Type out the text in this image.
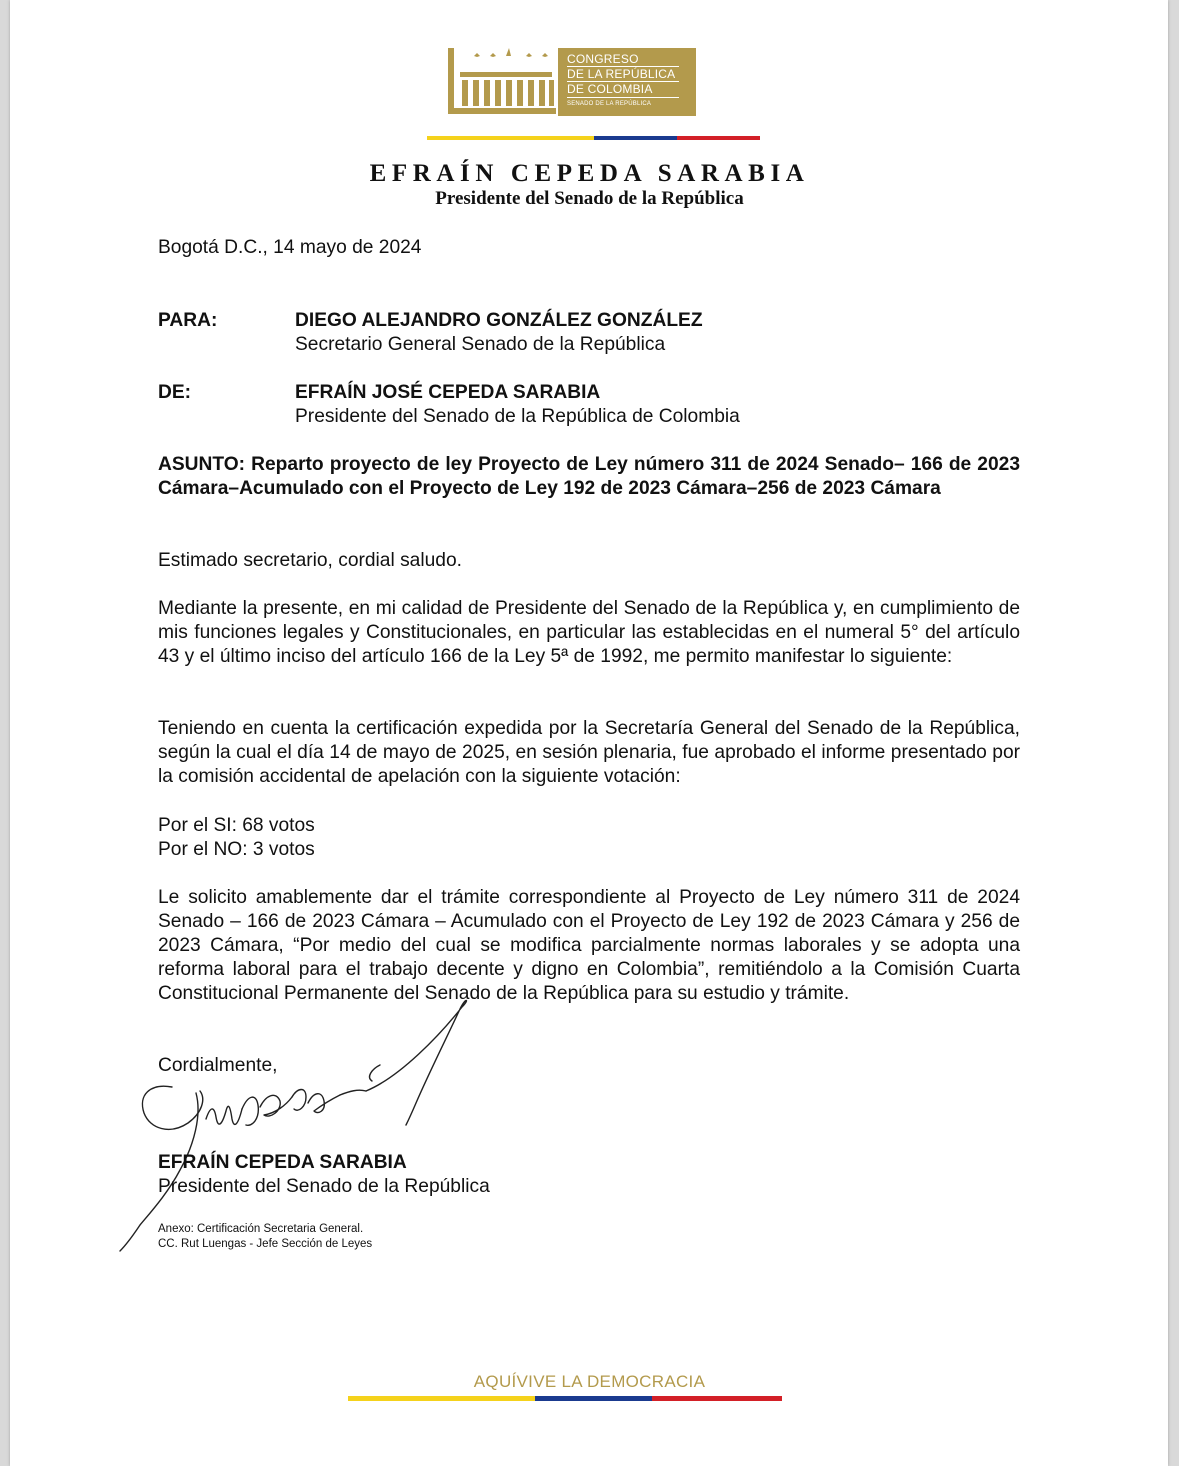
CONGRESO
DE LA REPÚBLICA
DE COLOMBIA
SENADO DE LA REPÚBLICA
EFRAÍN CEPEDA SARABIA
Presidente del Senado de la República
Bogotá D.C., 14 mayo de 2024
PARA:	DIEGO ALEJANDRO GONZÁLEZ GONZÁLEZ
Secretario General Senado de la República
DE:	EFRAÍN JOSÉ CEPEDA SARABIA
Presidente del Senado de la República de Colombia
ASUNTO: Reparto proyecto de ley Proyecto de Ley número 311 de 2024 Senado– 166 de 2023 Cámara–Acumulado con el Proyecto de Ley 192 de 2023 Cámara–256 de 2023 Cámara
Estimado secretario, cordial saludo.
Mediante la presente, en mi calidad de Presidente del Senado de la República y, en cumplimiento de mis funciones legales y Constitucionales, en particular las establecidas en el numeral 5° del artículo 43 y el último inciso del artículo 166 de la Ley 5ª de 1992, me permito manifestar lo siguiente:
Teniendo en cuenta la certificación expedida por la Secretaría General del Senado de la República, según la cual el día 14 de mayo de 2025, en sesión plenaria, fue aprobado el informe presentado por la comisión accidental de apelación con la siguiente votación:
Por el SI: 68 votos
Por el NO: 3 votos
Le solicito amablemente dar el trámite correspondiente al Proyecto de Ley número 311 de 2024 Senado – 166 de 2023 Cámara – Acumulado con el Proyecto de Ley 192 de 2023 Cámara y 256 de 2023 Cámara, “Por medio del cual se modifica parcialmente normas laborales y se adopta una reforma laboral para el trabajo decente y digno en Colombia”, remitiéndolo a la Comisión Cuarta Constitucional Permanente del Senado de la República para su estudio y trámite.
Cordialmente,
EFRAÍN CEPEDA SARABIA
Presidente del Senado de la República
Anexo: Certificación Secretaria General.
CC. Rut Luengas - Jefe Sección de Leyes
AQUÍVIVE LA DEMOCRACIA
